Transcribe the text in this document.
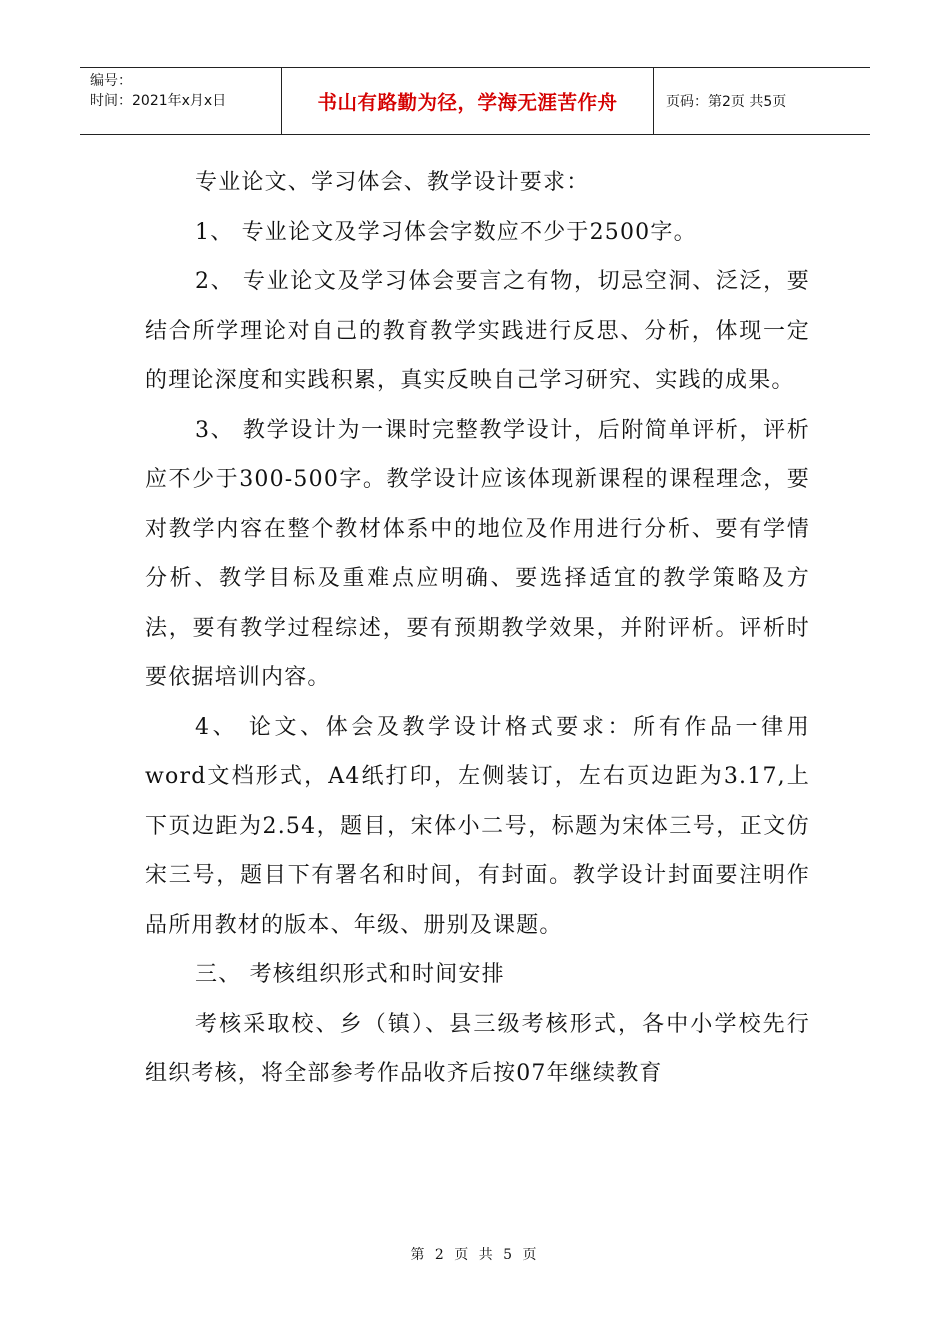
编号：
时间：2021年x月x日	书山有路勤为径，学海无涯苦作舟	页码：第2页 共5页

专业论文、学习体会、教学设计要求：

1、 专业论文及学习体会字数应不少于2500字。

2、 专业论文及学习体会要言之有物，切忌空洞、泛泛，要结合所学理论对自己的教育教学实践进行反思、分析，体现一定的理论深度和实践积累，真实反映自己学习研究、实践的成果。

3、 教学设计为一课时完整教学设计，后附简单评析，评析应不少于300-500字。教学设计应该体现新课程的课程理念，要对教学内容在整个教材体系中的地位及作用进行分析、要有学情分析、教学目标及重难点应明确、要选择适宜的教学策略及方法，要有教学过程综述，要有预期教学效果，并附评析。评析时要依据培训内容。

4、 论文、体会及教学设计格式要求：所有作品一律用word文档形式，A4纸打印，左侧装订，左右页边距为3.17,上下页边距为2.54，题目，宋体小二号，标题为宋体三号，正文仿宋三号，题目下有署名和时间，有封面。教学设计封面要注明作品所用教材的版本、年级、册别及课题。

三、 考核组织形式和时间安排

考核采取校、乡（镇）、县三级考核形式，各中小学校先行组织考核，将全部参考作品收齐后按07年继续教育

第 2 页 共 5 页
